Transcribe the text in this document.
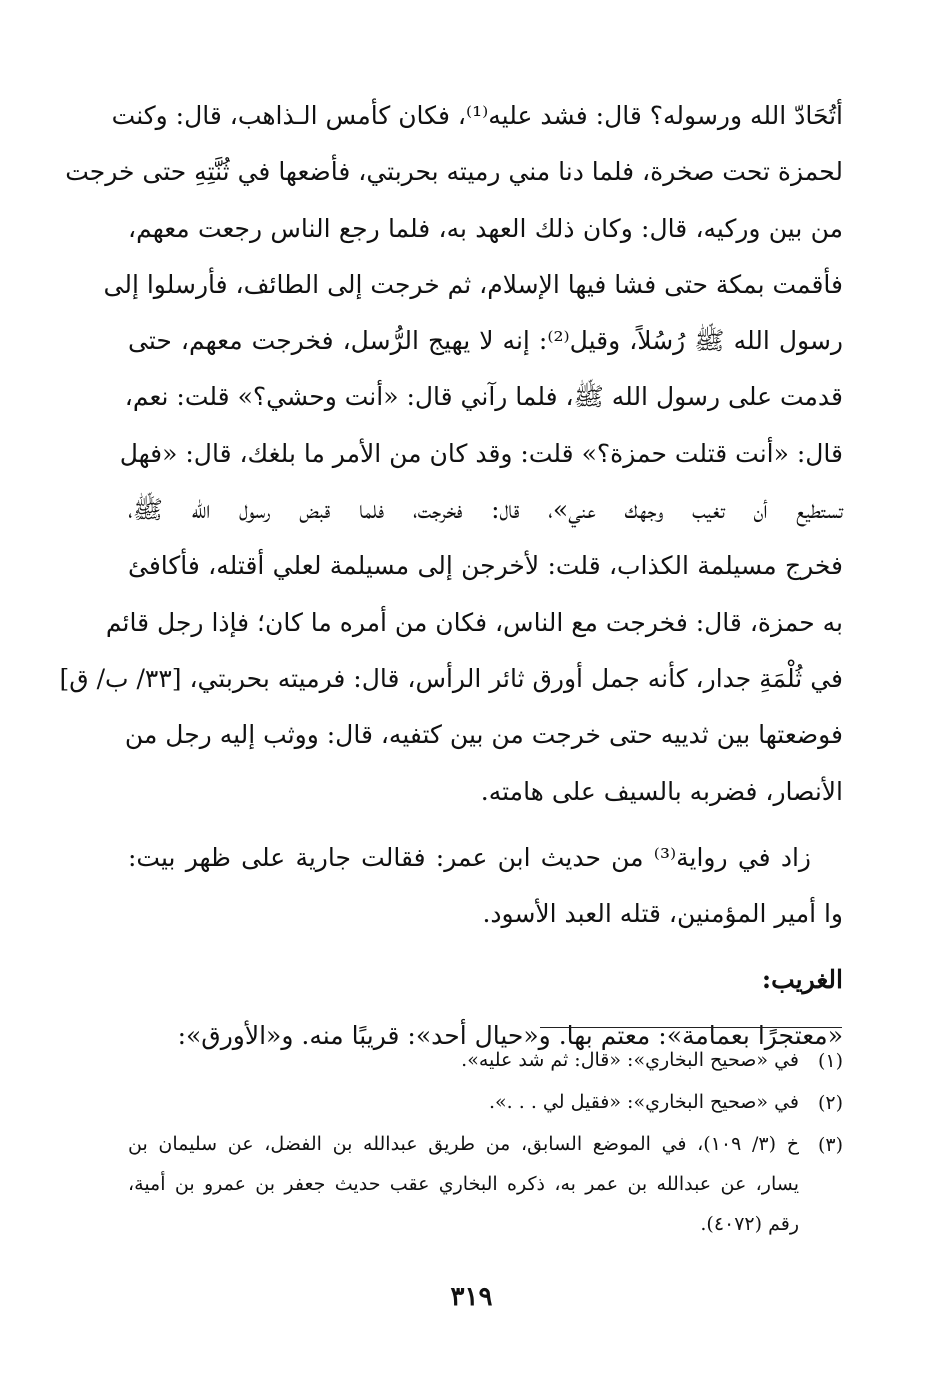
أتُحَادّ الله ورسوله؟ قال: فشد عليه⁽¹⁾، فكان كأمس الـذاهب، قال: وكنت
لحمزة تحت صخرة، فلما دنا مني رميته بحربتي، فأضعها في ثُنَّتِهِ حتى خرجت
من بين وركيه، قال: وكان ذلك العهد به، فلما رجع الناس رجعت معهم،
فأقمت بمكة حتى فشا فيها الإسلام، ثم خرجت إلى الطائف، فأرسلوا إلى
رسول الله ﷺ رُسُلاً، وقيل⁽²⁾: إنه لا يهيج الرُّسل، فخرجت معهم، حتى
قدمت على رسول الله ﷺ، فلما رآني قال: «أنت وحشي؟» قلت: نعم،
قال: «أنت قتلت حمزة؟» قلت: وقد كان من الأمر ما بلغك، قال: «فهل
تستطيع أن تغيب وجهك عني»، قال: فخرجت، فلما قبض رسول الله ﷺ،
فخرج مسيلمة الكذاب، قلت: لأخرجن إلى مسيلمة لعلي أقتله، فأكافئ
به حمزة، قال: فخرجت مع الناس، فكان من أمره ما كان؛ فإذا رجل قائم
في ثُلْمَةِ جدار، كأنه جمل أورق ثائر الرأس، قال: فرميته بحربتي، [٣٣/ ب/ ق]
فوضعتها بين ثدييه حتى خرجت من بين كتفيه، قال: ووثب إليه رجل من
الأنصار، فضربه بالسيف على هامته.
زاد في رواية⁽³⁾ من حديث ابن عمر: فقالت جارية على ظهر بيت:
وا أمير المؤمنين، قتله العبد الأسود.
الغريب:
«معتجرًا بعمامة»: معتم بها. و«حيال أحد»: قريبًا منه. و«الأورق»:
(١)
في «صحيح البخاري»: «قال: ثم شد عليه».
(٢)
في «صحيح البخاري»: «فقيل لي . . .».
(٣)
خ (٣/ ١٠٩)، في الموضع السابق، من طريق عبدالله بن الفضل، عن سليمان بن
يسار، عن عبدالله بن عمر به، ذكره البخاري عقب حديث جعفر بن عمرو بن أمية،
رقم (٤٠٧٢).
٣١٩
